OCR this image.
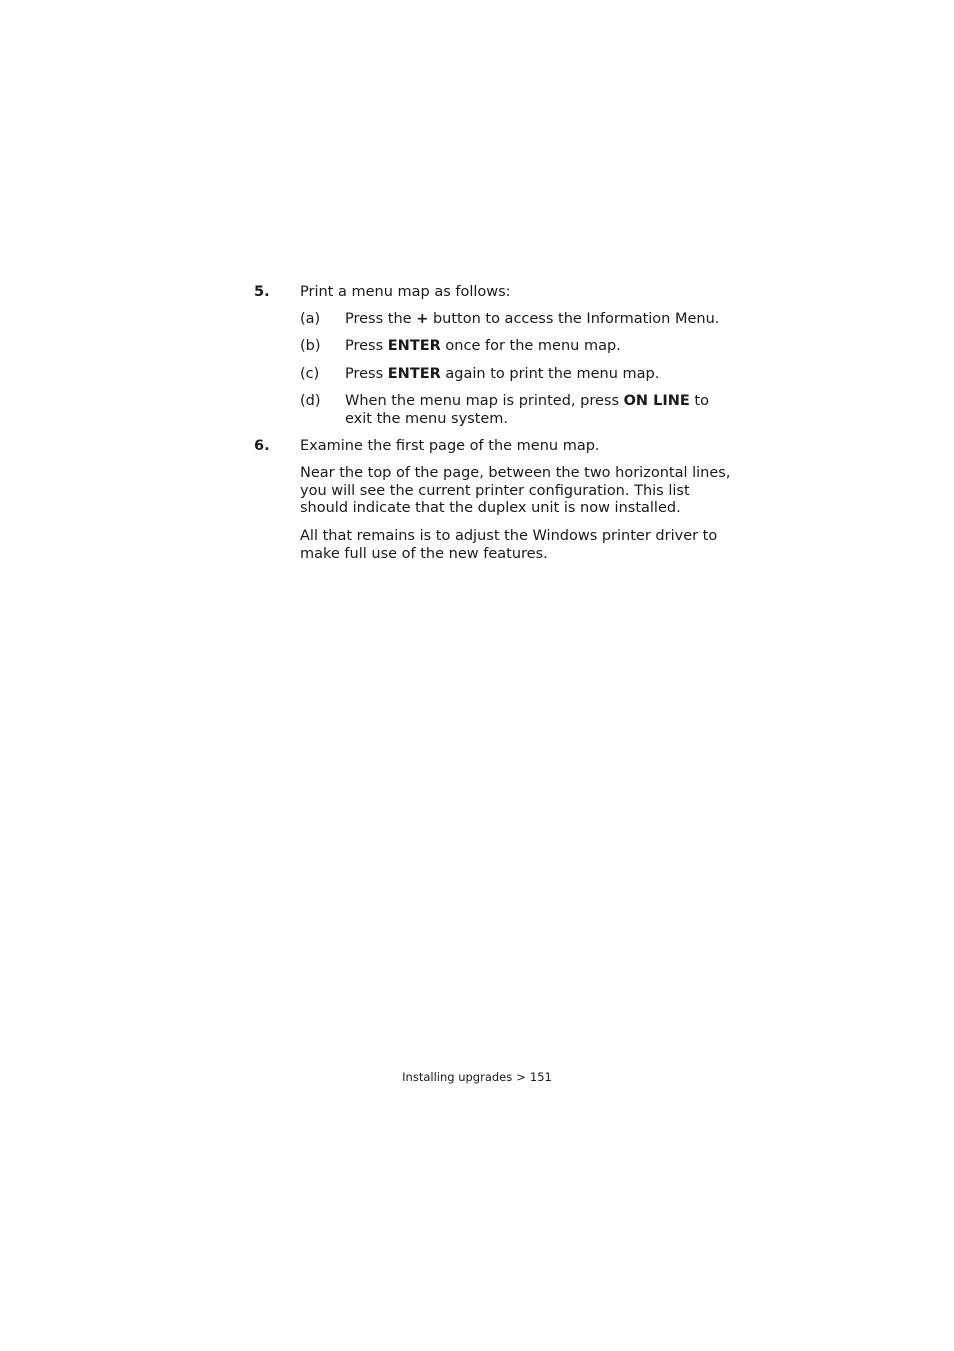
5. Print a menu map as follows:
(a) Press the + button to access the Information Menu.
(b) Press ENTER once for the menu map.
(c) Press ENTER again to print the menu map.
(d) When the menu map is printed, press ON LINE to
exit the menu system.
6. Examine the first page of the menu map.
Near the top of the page, between the two horizontal lines,
you will see the current printer configuration. This list
should indicate that the duplex unit is now installed.
All that remains is to adjust the Windows printer driver to
make full use of the new features.
Installing upgrades > 151
